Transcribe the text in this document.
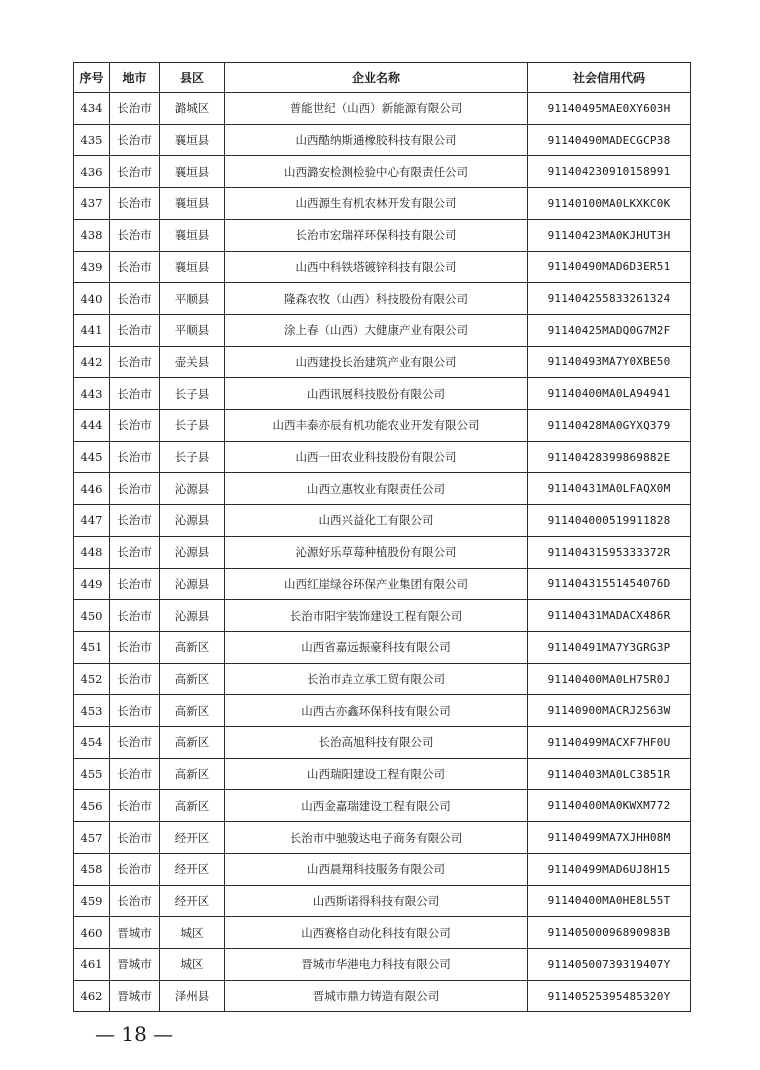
序号	地市	县区	企业名称	社会信用代码
434	长治市	潞城区	普能世纪（山西）新能源有限公司	91140495MAE0XY603H
435	长治市	襄垣县	山西酷纳斯通橡胶科技有限公司	91140490MADECGCP38
436	长治市	襄垣县	山西潞安检测检验中心有限责任公司	911404230910158991
437	长治市	襄垣县	山西源生有机农林开发有限公司	91140100MA0LKXKC0K
438	长治市	襄垣县	长治市宏瑞祥环保科技有限公司	91140423MA0KJHUT3H
439	长治市	襄垣县	山西中科铁塔镀锌科技有限公司	91140490MAD6D3ER51
440	长治市	平顺县	隆森农牧（山西）科技股份有限公司	911404255833261324
441	长治市	平顺县	涂上春（山西）大健康产业有限公司	91140425MADQ0G7M2F
442	长治市	壶关县	山西建投长治建筑产业有限公司	91140493MA7Y0XBE50
443	长治市	长子县	山西讯展科技股份有限公司	91140400MA0LA94941
444	长治市	长子县	山西丰泰亦辰有机功能农业开发有限公司	91140428MA0GYXQ379
445	长治市	长子县	山西一田农业科技股份有限公司	91140428399869882E
446	长治市	沁源县	山西立惠牧业有限责任公司	91140431MA0LFAQX0M
447	长治市	沁源县	山西兴益化工有限公司	911404000519911828
448	长治市	沁源县	沁源好乐草莓种植股份有限公司	91140431595333372R
449	长治市	沁源县	山西红崖绿谷环保产业集团有限公司	91140431551454076D
450	长治市	沁源县	长治市阳宇装饰建设工程有限公司	91140431MADACX486R
451	长治市	高新区	山西省嘉远振豪科技有限公司	91140491MA7Y3GRG3P
452	长治市	高新区	长治市垚立承工贸有限公司	91140400MA0LH75R0J
453	长治市	高新区	山西古亦鑫环保科技有限公司	91140900MACRJ2563W
454	长治市	高新区	长治高旭科技有限公司	91140499MACXF7HF0U
455	长治市	高新区	山西瑞阳建设工程有限公司	91140403MA0LC3851R
456	长治市	高新区	山西金嘉瑞建设工程有限公司	91140400MA0KWXM772
457	长治市	经开区	长治市中驰骏达电子商务有限公司	91140499MA7XJHH08M
458	长治市	经开区	山西晨翔科技服务有限公司	91140499MAD6UJ8H15
459	长治市	经开区	山西斯诺得科技有限公司	91140400MA0HE8L55T
460	晋城市	城区	山西赛格自动化科技有限公司	91140500096890983B
461	晋城市	城区	晋城市华港电力科技有限公司	91140500739319407Y
462	晋城市	泽州县	晋城市鼎力铸造有限公司	91140525395485320Y
— 18 —
